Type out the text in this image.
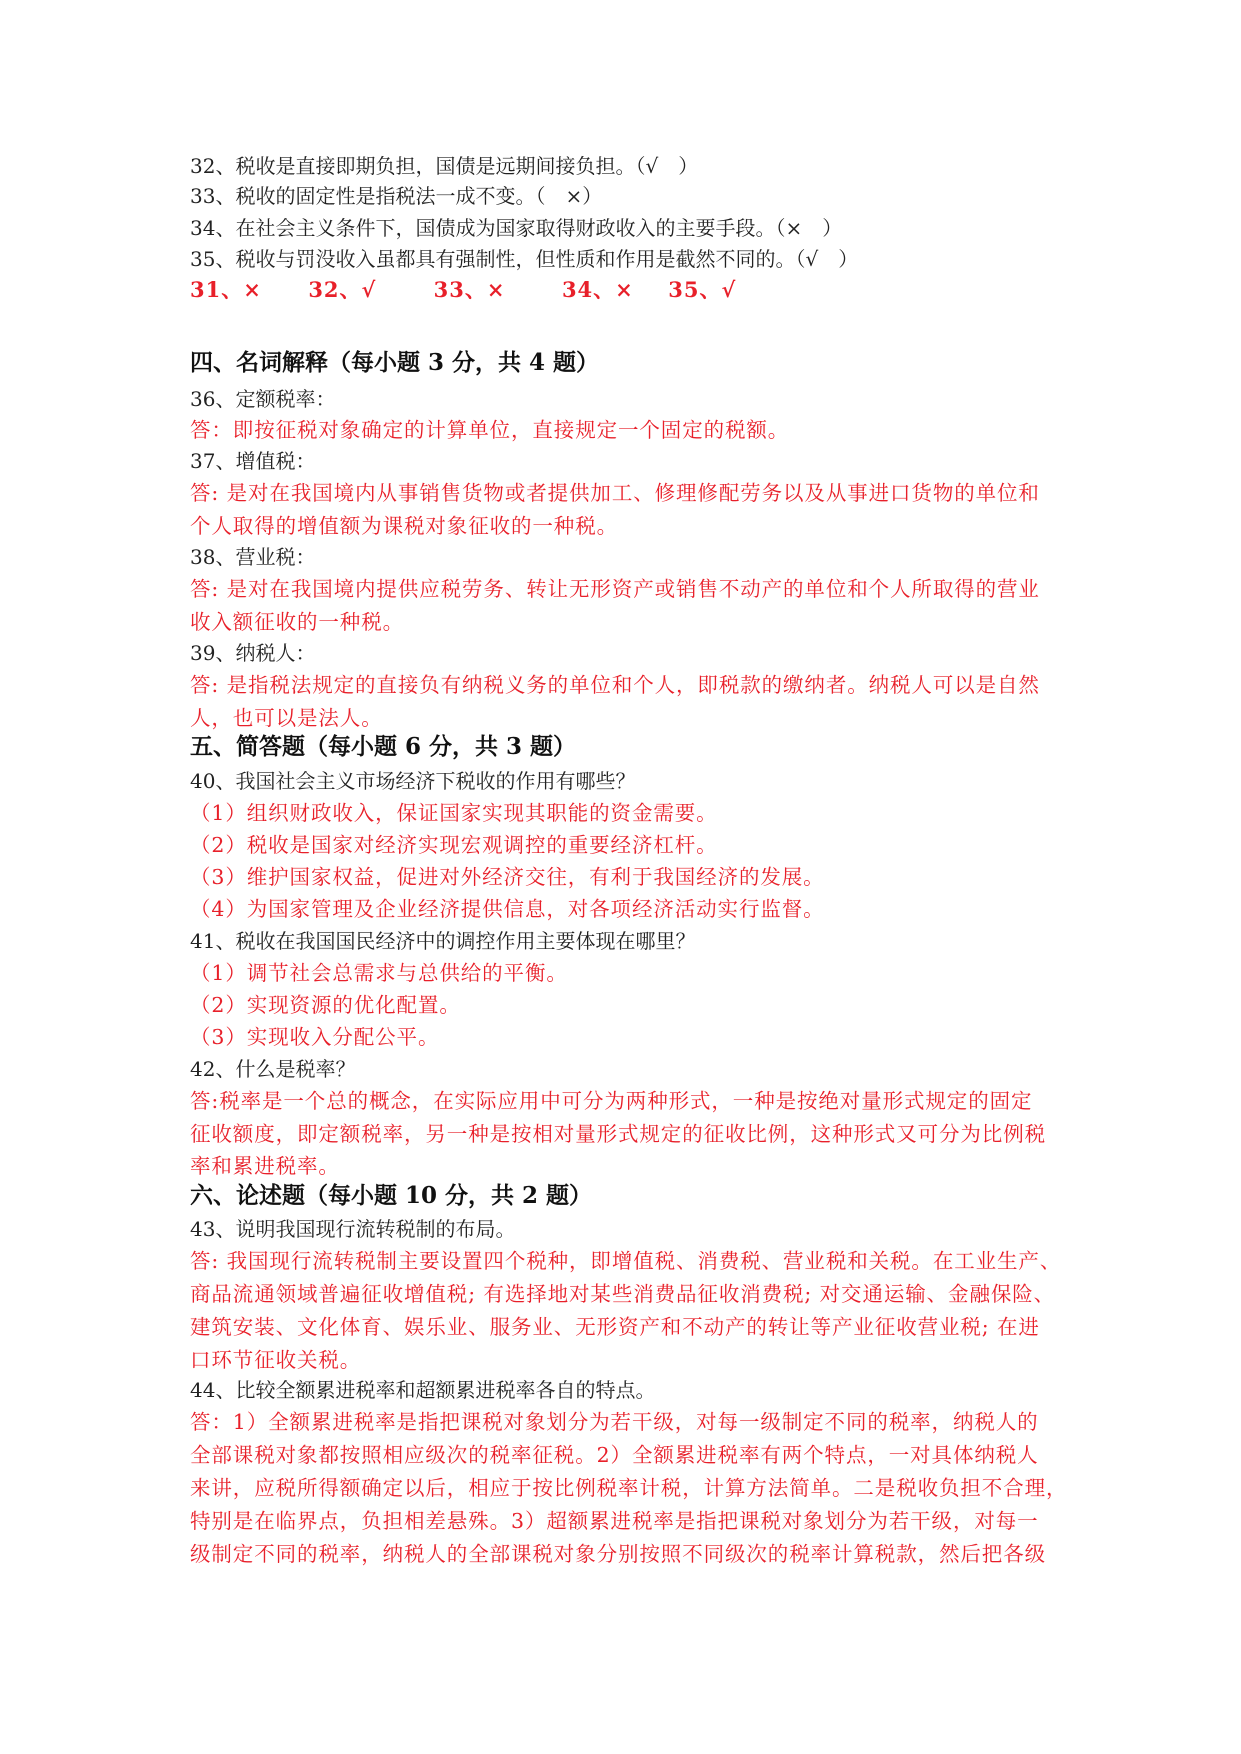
32、税收是直接即期负担，国债是远期间接负担。（√　）
33、税收的固定性是指税法一成不变。（　×）
34、在社会主义条件下，国债成为国家取得财政收入的主要手段。（×　）
35、税收与罚没收入虽都具有强制性，但性质和作用是截然不同的。（√　）
31、× 32、√	33、×	34、× 35、√
四、名词解释（每小题 3 分，共 4 题）
36、定额税率：
答：即按征税对象确定的计算单位，直接规定一个固定的税额。
37、增值税：
答: 是对在我国境内从事销售货物或者提供加工、修理修配劳务以及从事进口货物的单位和
个人取得的增值额为课税对象征收的一种税。
38、营业税：
答: 是对在我国境内提供应税劳务、转让无形资产或销售不动产的单位和个人所取得的营业
收入额征收的一种税。
39、纳税人：
答: 是指税法规定的直接负有纳税义务的单位和个人，即税款的缴纳者。纳税人可以是自然
人，也可以是法人。
五、简答题（每小题 6 分，共 3 题）
40、我国社会主义市场经济下税收的作用有哪些？
（1）组织财政收入，保证国家实现其职能的资金需要。
（2）税收是国家对经济实现宏观调控的重要经济杠杆。
（3）维护国家权益，促进对外经济交往，有利于我国经济的发展。
（4）为国家管理及企业经济提供信息，对各项经济活动实行监督。
41、税收在我国国民经济中的调控作用主要体现在哪里？
（1）调节社会总需求与总供给的平衡。
（2）实现资源的优化配置。
（3）实现收入分配公平。
42、什么是税率？
答:税率是一个总的概念，在实际应用中可分为两种形式，一种是按绝对量形式规定的固定
征收额度，即定额税率，另一种是按相对量形式规定的征收比例，这种形式又可分为比例税
率和累进税率。
六、论述题（每小题 10 分，共 2 题）
43、说明我国现行流转税制的布局。
答: 我国现行流转税制主要设置四个税种，即增值税、消费税、营业税和关税。在工业生产、
商品流通领域普遍征收增值税; 有选择地对某些消费品征收消费税; 对交通运输、金融保险、
建筑安装、文化体育、娱乐业、服务业、无形资产和不动产的转让等产业征收营业税; 在进
口环节征收关税。
44、比较全额累进税率和超额累进税率各自的特点。
答：1）全额累进税率是指把课税对象划分为若干级，对每一级制定不同的税率，纳税人的
全部课税对象都按照相应级次的税率征税。2）全额累进税率有两个特点，一对具体纳税人
来讲，应税所得额确定以后，相应于按比例税率计税，计算方法简单。二是税收负担不合理，
特别是在临界点，负担相差悬殊。3）超额累进税率是指把课税对象划分为若干级，对每一
级制定不同的税率，纳税人的全部课税对象分别按照不同级次的税率计算税款，然后把各级
